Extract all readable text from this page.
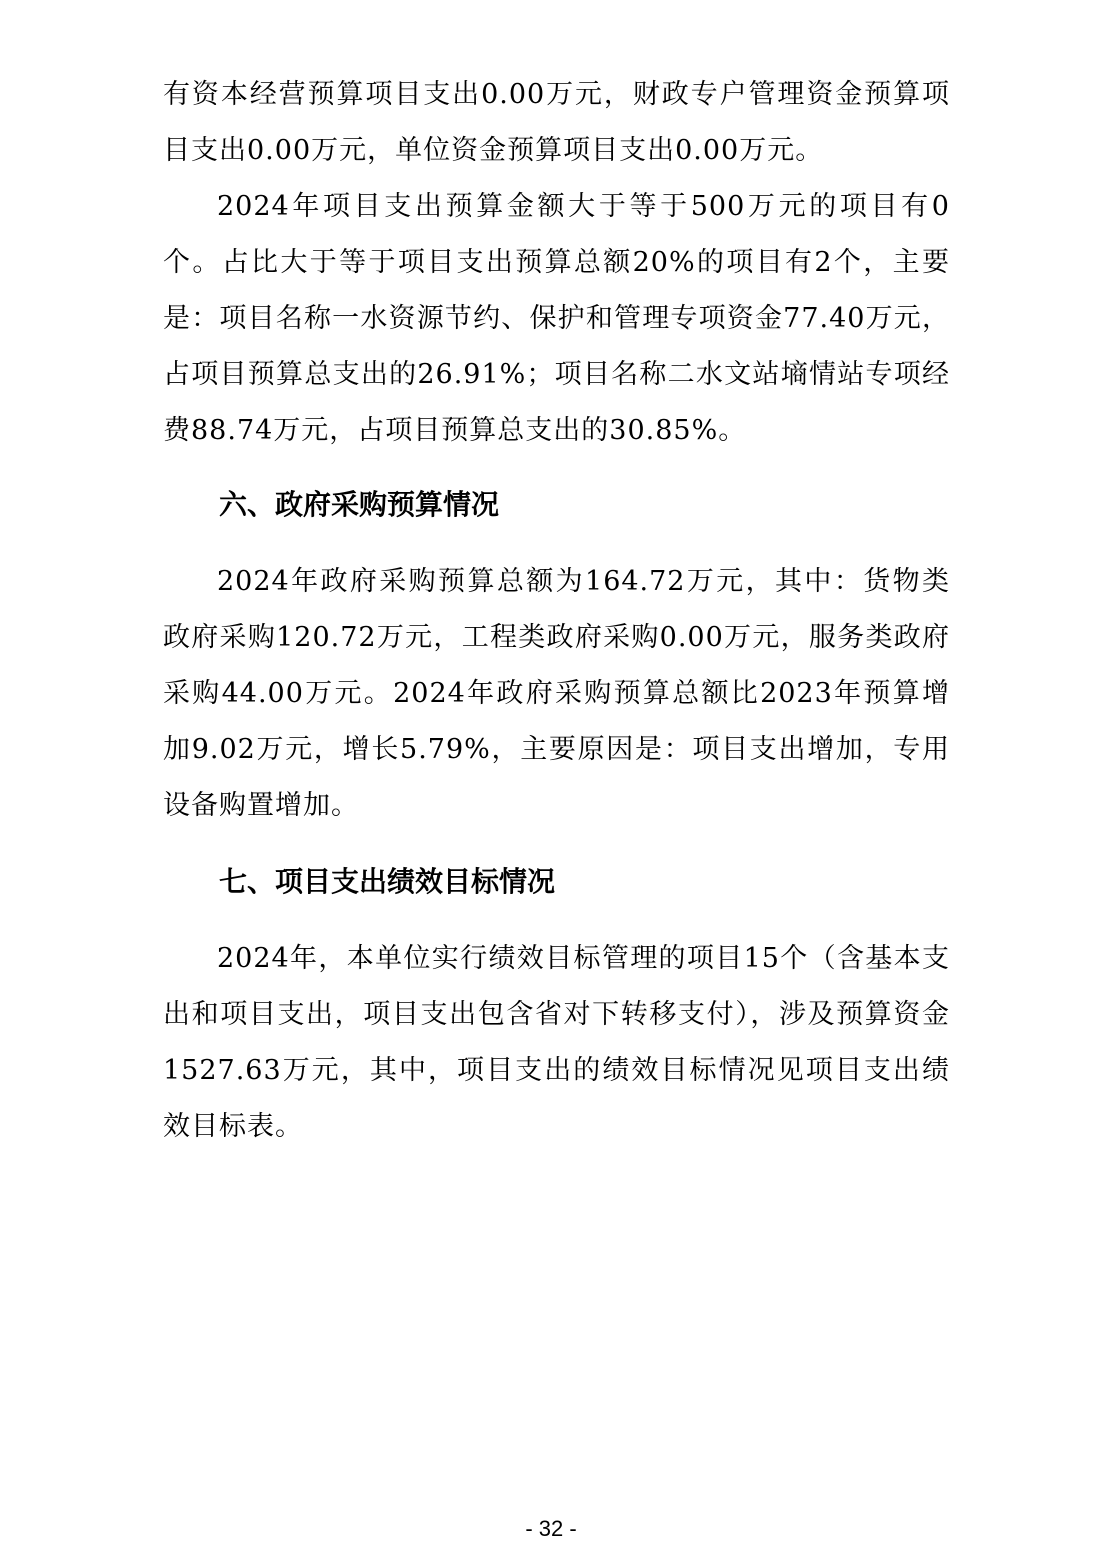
有资本经营预算项目支出0.00万元，财政专户管理资金预算项目支出0.00万元，单位资金预算项目支出0.00万元。

2024年项目支出预算金额大于等于500万元的项目有0个。占比大于等于项目支出预算总额20%的项目有2个，主要是：项目名称一水资源节约、保护和管理专项资金77.40万元，占项目预算总支出的26.91%；项目名称二水文站墒情站专项经费88.74万元，占项目预算总支出的30.85%。

六、政府采购预算情况

2024年政府采购预算总额为164.72万元，其中：货物类政府采购120.72万元，工程类政府采购0.00万元，服务类政府采购44.00万元。2024年政府采购预算总额比2023年预算增加9.02万元，增长5.79%，主要原因是：项目支出增加，专用设备购置增加。

七、项目支出绩效目标情况

2024年，本单位实行绩效目标管理的项目15个（含基本支出和项目支出，项目支出包含省对下转移支付），涉及预算资金1527.63万元，其中，项目支出的绩效目标情况见项目支出绩效目标表。

- 32 -
